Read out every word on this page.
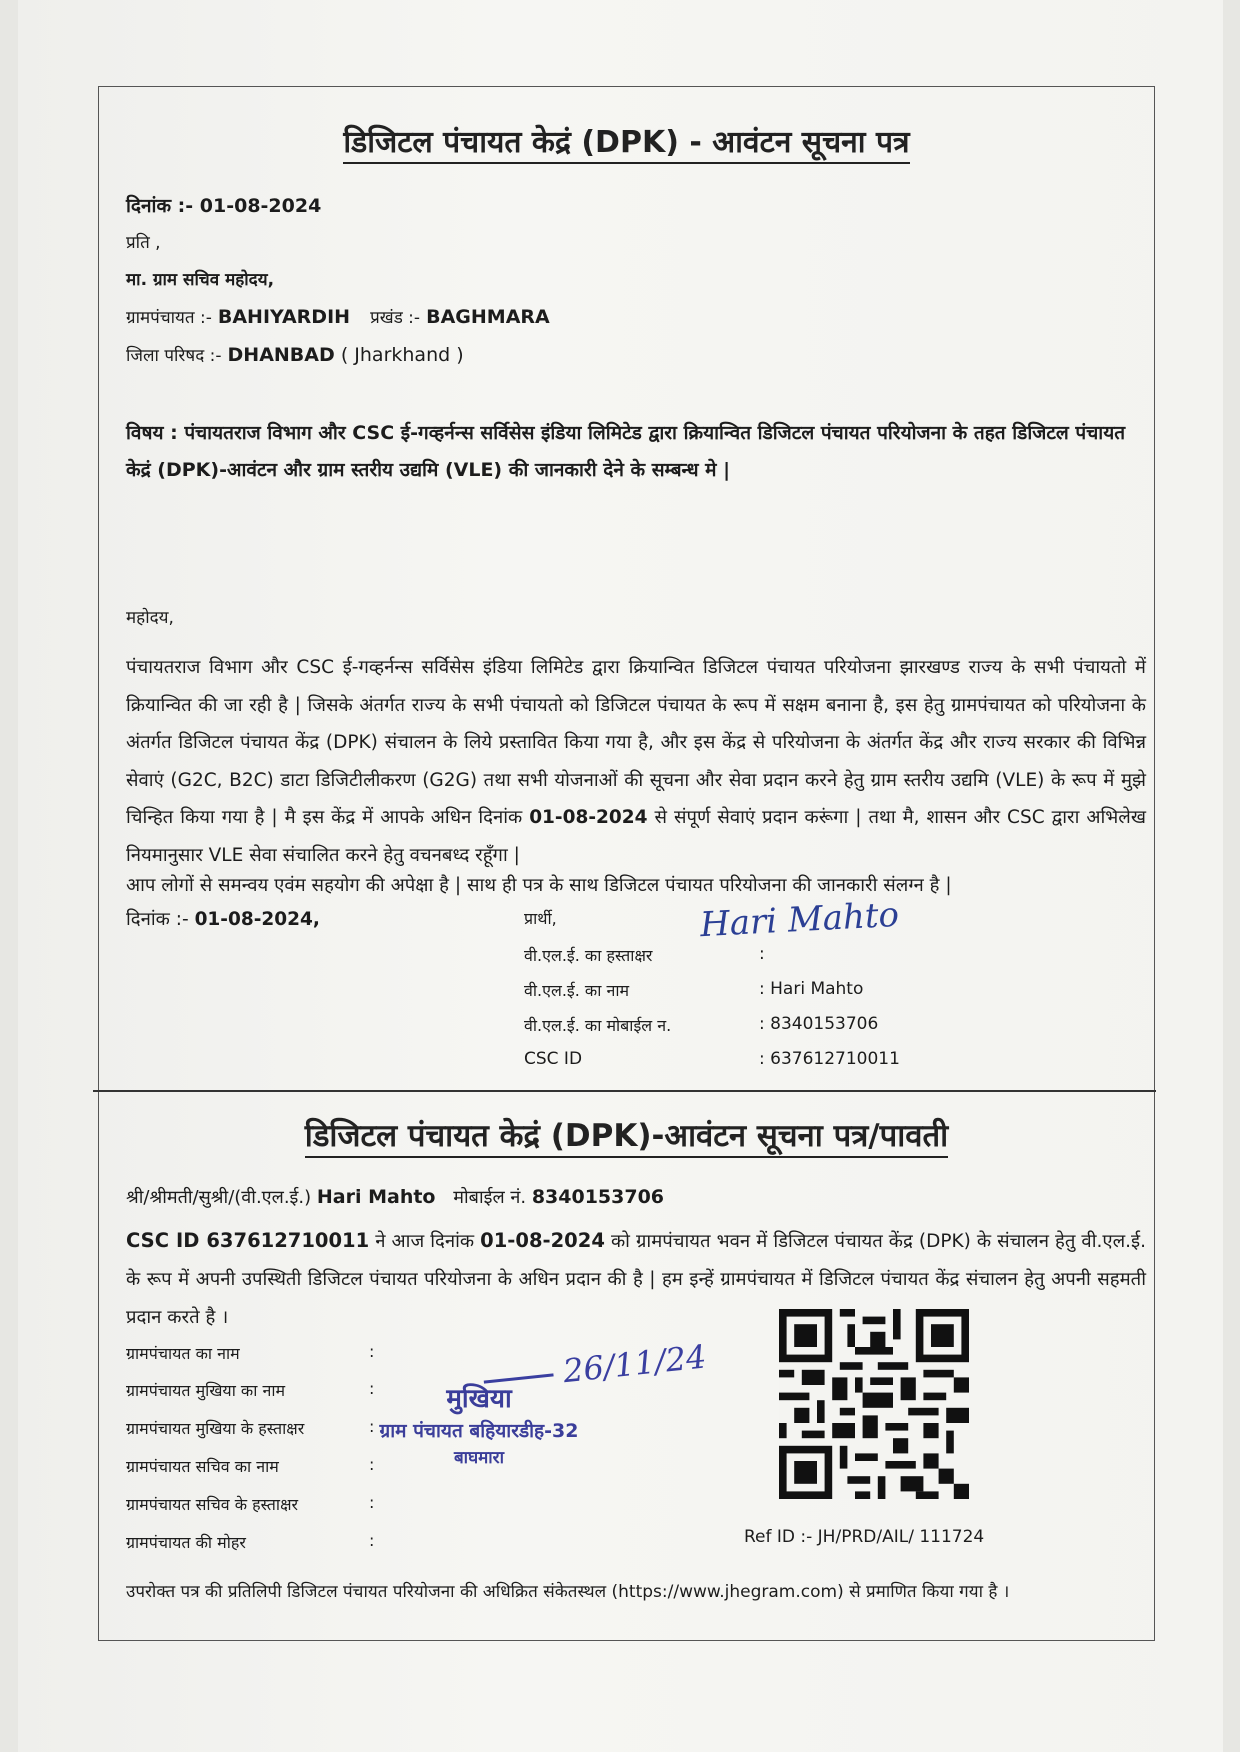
डिजिटल पंचायत केद्रं (DPK) - आवंटन सूचना पत्र
दिनांक :- 01-08-2024
प्रति ,
मा. ग्राम सचिव महोदय,
ग्रामपंचायत :- BAHIYARDIH प्रखंड :- BAGHMARA
जिला परिषद :- DHANBAD ( Jharkhand )
विषय : पंचायतराज विभाग और CSC ई-गव्हर्नन्स सर्विसेस इंडिया लिमिटेड द्वारा क्रियान्वित डिजिटल पंचायत परियोजना के तहत डिजिटल पंचायत केद्रं (DPK)-आवंटन और ग्राम स्तरीय उद्यमि (VLE) की जानकारी देने के सम्बन्ध मे |
महोदय,
पंचायतराज विभाग और CSC ई-गव्हर्नन्स सर्विसेस इंडिया लिमिटेड द्वारा क्रियान्वित डिजिटल पंचायत परियोजना झारखण्ड राज्य के सभी पंचायतो में क्रियान्वित की जा रही है | जिसके अंतर्गत राज्य के सभी पंचायतो को डिजिटल पंचायत के रूप में सक्षम बनाना है, इस हेतु ग्रामपंचायत को परियोजना के अंतर्गत डिजिटल पंचायत केंद्र (DPK) संचालन के लिये प्रस्तावित किया गया है, और इस केंद्र से परियोजना के अंतर्गत केंद्र और राज्य सरकार की विभिन्न सेवाएं (G2C, B2C) डाटा डिजिटीलीकरण (G2G) तथा सभी योजनाओं की सूचना और सेवा प्रदान करने हेतु ग्राम स्तरीय उद्यमि (VLE) के रूप में मुझे चिन्हित किया गया है | मै इस केंद्र में आपके अधिन दिनांक 01-08-2024 से संपूर्ण सेवाएं प्रदान करूंगा | तथा मै, शासन और CSC द्वारा अभिलेख नियमानुसार VLE सेवा संचालित करने हेतु वचनबध्द रहूँगा |
आप लोगों से समन्वय एवंम सहयोग की अपेक्षा है | साथ ही पत्र के साथ डिजिटल पंचायत परियोजना की जानकारी संलग्न है |
दिनांक :- 01-08-2024,	प्रार्थी,
वी.एल.ई. का हस्ताक्षर	:
वी.एल.ई. का नाम	: Hari Mahto
वी.एल.ई. का मोबाईल न.	: 8340153706
CSC ID	: 637612710011
डिजिटल पंचायत केद्रं (DPK)-आवंटन सूचना पत्र/पावती
श्री/श्रीमती/सुश्री/(वी.एल.ई.) Hari Mahto मोबाईल नं. 8340153706
CSC ID 637612710011 ने आज दिनांक 01-08-2024 को ग्रामपंचायत भवन में डिजिटल पंचायत केंद्र (DPK) के संचालन हेतु वी.एल.ई. के रूप में अपनी उपस्थिती डिजिटल पंचायत परियोजना के अधिन प्रदान की है | हम इन्हें ग्रामपंचायत में डिजिटल पंचायत केंद्र संचालन हेतु अपनी सहमती प्रदान करते है ।
ग्रामपंचायत का नाम	:
ग्रामपंचायत मुखिया का नाम	:
ग्रामपंचायत मुखिया के हस्ताक्षर	:
ग्रामपंचायत सचिव का नाम	:
ग्रामपंचायत सचिव के हस्ताक्षर	:
ग्रामपंचायत की मोहर	:
26/11/24
मुखिया
ग्राम पंचायत बहियारडीह-32
बाघमारा
Ref ID :- JH/PRD/AIL/ 111724
उपरोक्त पत्र की प्रतिलिपी डिजिटल पंचायत परियोजना की अधिक्रित संकेतस्थल (https://www.jhegram.com) से प्रमाणित किया गया है ।
Hari Mahto
